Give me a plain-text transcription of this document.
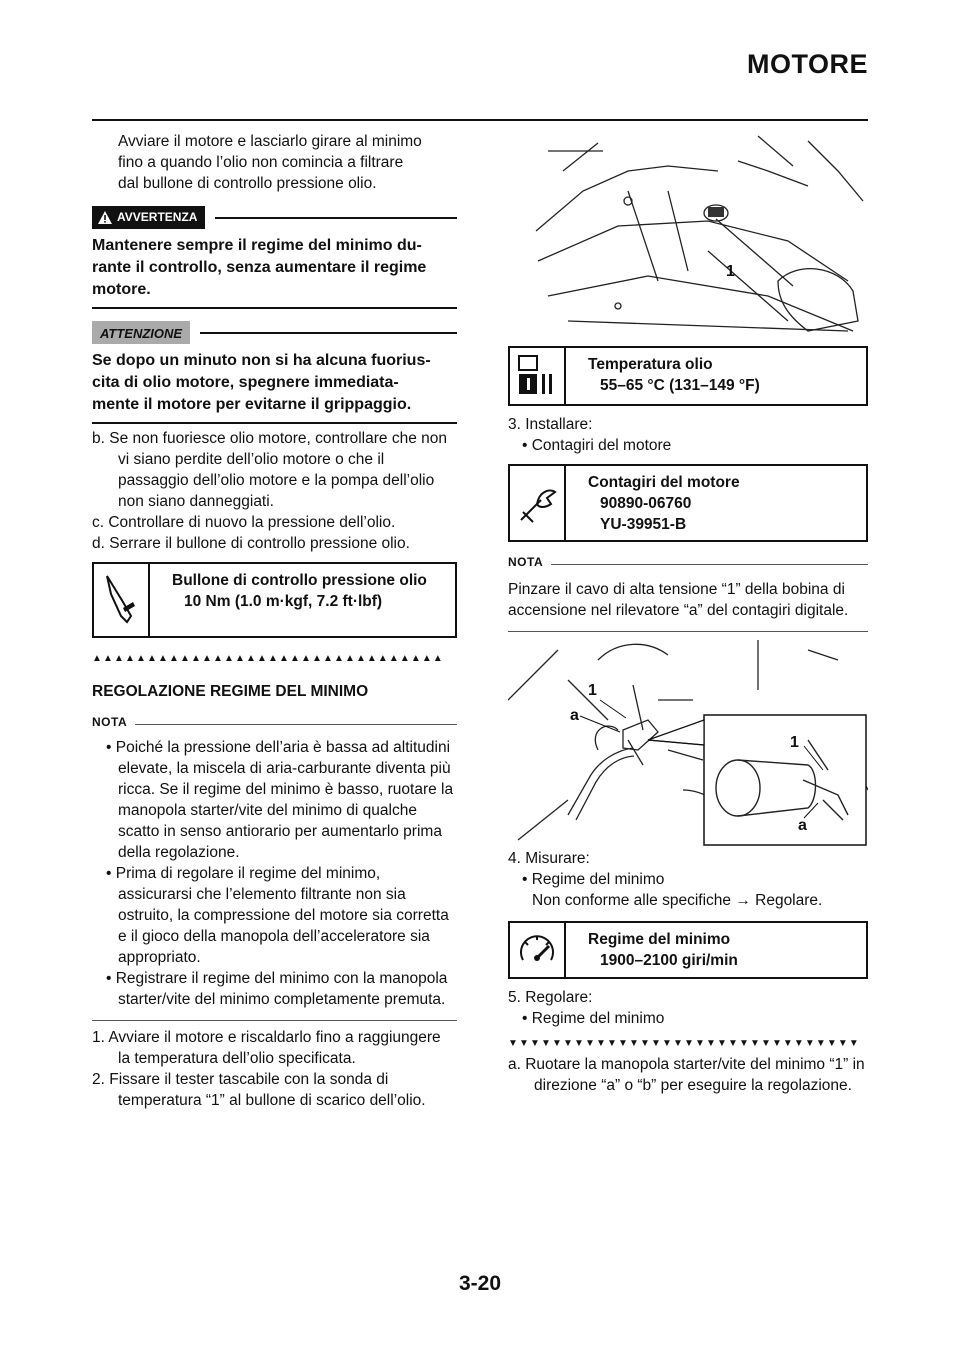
MOTORE
Avviare il motore e lasciarlo girare al minimo
fino a quando l’olio non comincia a filtrare
dal bullone di controllo pressione olio.
AVVERTENZA
Mantenere sempre il regime del minimo du-
rante il controllo, senza aumentare il regime
motore.
ATTENZIONE
Se dopo un minuto non si ha alcuna fuorius-
cita di olio motore, spegnere immediata-
mente il motore per evitarne il grippaggio.

b. Se non fuoriesce olio motore, controllare che non vi siano perdite dell’olio motore o che il passaggio dell’olio motore e la pompa dell’olio non siano danneggiati.

c. Controllare di nuovo la pressione dell’olio.

d. Serrare il bullone di controllo pressione olio.

Bullone di controllo pressione olio
10 Nm (1.0 m·kgf, 7.2 ft·lbf)
▲▲▲▲▲▲▲▲▲▲▲▲▲▲▲▲▲▲▲▲▲▲▲▲▲▲▲▲▲▲▲▲
REGOLAZIONE REGIME DEL MINIMO
NOTA

• Poiché la pressione dell’aria è bassa ad altitudini elevate, la miscela di aria-carburante diventa più ricca. Se il regime del minimo è basso, ruotare la manopola starter/vite del minimo di qualche scatto in senso antiorario per aumentarlo prima della regolazione.

• Prima di regolare il regime del minimo, assicurarsi che l’elemento filtrante non sia ostruito, la compressione del motore sia corretta e il gioco della manopola dell’acceleratore sia appropriato.

• Registrare il regime del minimo con la manopola starter/vite del minimo completamente premuta.

1. Avviare il motore e riscaldarlo fino a raggiungere la temperatura dell’olio specificata.

2. Fissare il tester tascabile con la sonda di temperatura “1” al bullone di scarico dell’olio.

1
Temperatura olio
55–65 °C (131–149 °F)

3. Installare:

• Contagiri del motore

Contagiri del motore
90890-06760
YU-39951-B
NOTA

Pinzare il cavo di alta tensione “1” della bobina di accensione nel rilevatore “a” del contagiri digitale.

1
a
1
a

4. Misurare:

• Regime del minimo

Non conforme alle specifiche → Regolare.

Regime del minimo
1900–2100 giri/min

5. Regolare:

• Regime del minimo

▼▼▼▼▼▼▼▼▼▼▼▼▼▼▼▼▼▼▼▼▼▼▼▼▼▼▼▼▼▼▼▼

a. Ruotare la manopola starter/vite del minimo “1” in direzione “a” o “b” per eseguire la regolazione.

3-20
